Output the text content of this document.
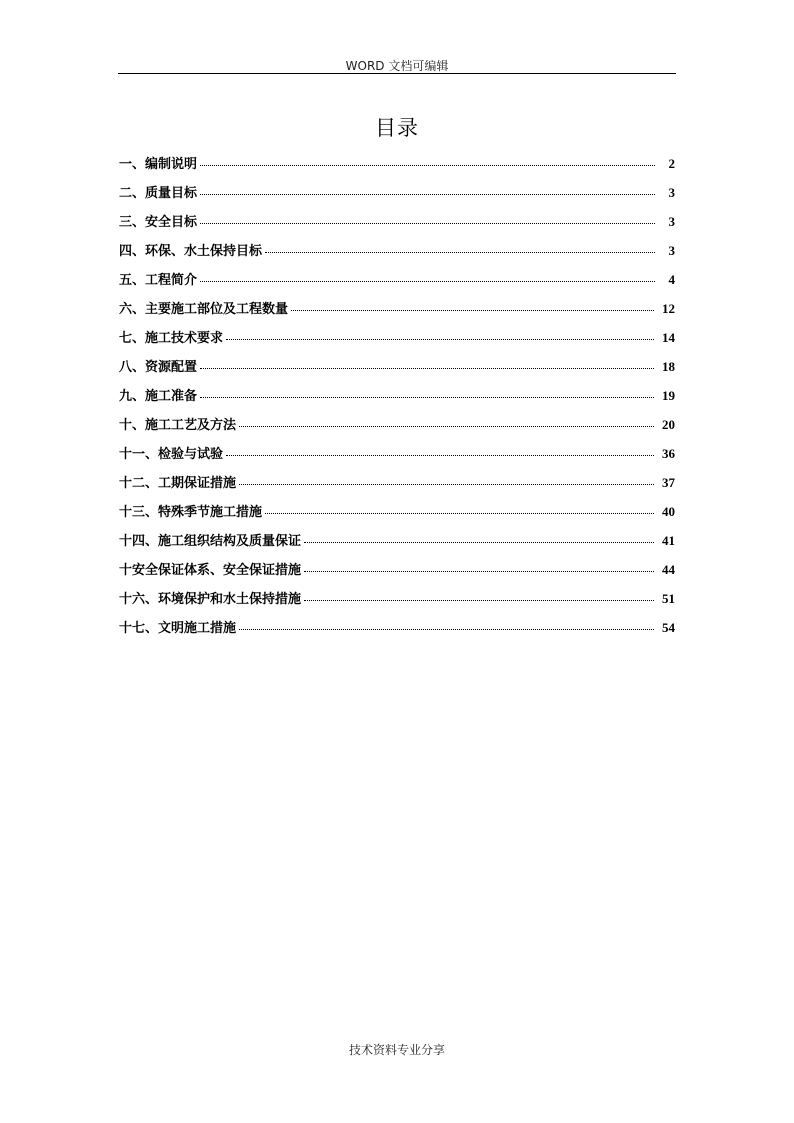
WORD 文档可编辑
目录
一、编制说明	2
二、质量目标	3
三、安全目标	3
四、环保、水土保持目标	3
五、工程简介	4
六、主要施工部位及工程数量	12
七、施工技术要求	14
八、资源配置	18
九、施工准备	19
十、施工工艺及方法	20
十一、检验与试验	36
十二、工期保证措施	37
十三、特殊季节施工措施	40
十四、施工组织结构及质量保证	41
十安全保证体系、安全保证措施	44
十六、环境保护和水土保持措施	51
十七、文明施工措施	54
技术资料专业分享
